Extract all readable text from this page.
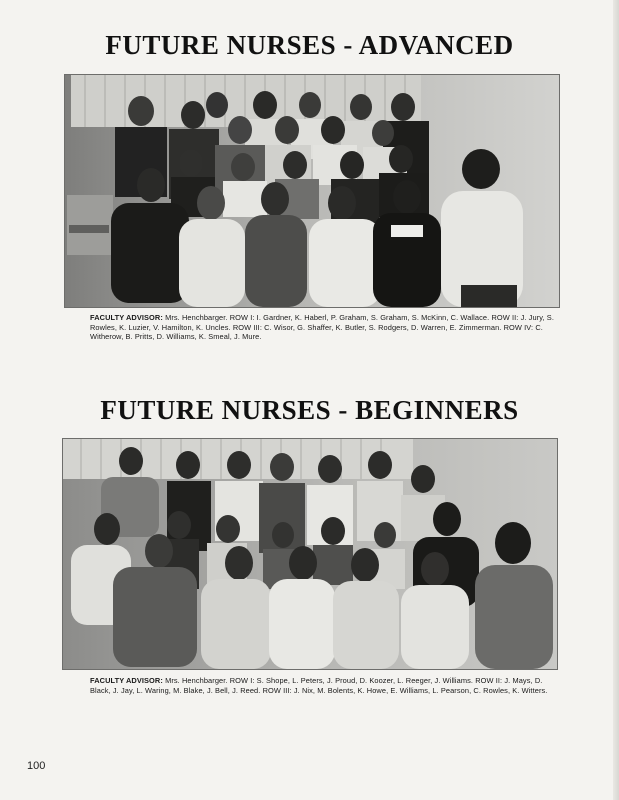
FUTURE NURSES - ADVANCED

FACULTY ADVISOR: Mrs. Henchbarger. ROW I: I. Gardner, K. Haberl, P. Graham, S. Graham, S. McKinn, C. Wallace. ROW II: J. Jury, S. Rowles, K. Luzier, V. Hamilton, K. Uncles. ROW III: C. Wisor, G. Shaffer, K. Butler, S. Rodgers, D. Warren, E. Zimmerman. ROW IV: C. Witherow, B. Pritts, D. Williams, K. Smeal, J. Mure.

FUTURE NURSES - BEGINNERS

FACULTY ADVISOR: Mrs. Henchbarger. ROW I: S. Shope, L. Peters, J. Proud, D. Koozer, L. Reeger, J. Williams. ROW II: J. Mays, D. Black, J. Jay, L. Waring, M. Blake, J. Bell, J. Reed. ROW III: J. Nix, M. Bolents, K. Howe, E. Williams, L. Pearson, C. Rowles, K. Witters.

100
